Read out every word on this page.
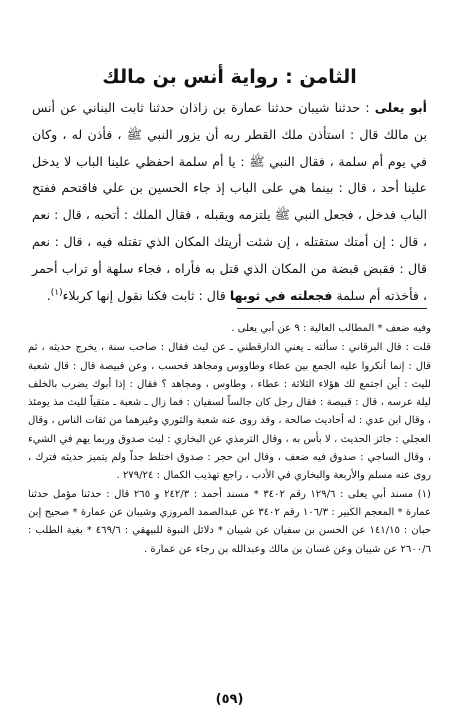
الثامن : رواية أنس بن مالك

أبو يعلى : حدثنا شيبان حدثنا عمارة بن زاذان حدثنا ثابت البناني عن أنس بن مالك قال : استأذن ملك القطر ربه أن يزور النبي ﷺ ، فأذن له ، وكان في يوم أم سلمة ، فقال النبي ﷺ : يا أم سلمة احفظي علينا الباب لا يدخل علينا أحد ، قال : بينما هي على الباب إذ جاء الحسين بن علي فاقتحم ففتح الباب فدخل ، فجعل النبي ﷺ يلتزمه ويقبله ، فقال الملك : أتحبه ، قال : نعم ، قال : إن أمتك ستقتله ، إن شئت أريتك المكان الذي تقتله فيه ، قال : نعم قال : فقبض قبضة من المكان الذي قتل به فأراه ، فجاء سلهة أو تراب أحمر ، فأخذته أم سلمة فجعلته في ثوبها قال : ثابت فكنا نقول إنها كربلاء$^{(١)}$.

وفيه ضعف * المطالب العالية : ٩ عن أبي يعلى .

قلت : قال البرقاني : سألته ـ يعني الدارقطني ـ عن ليث فقال : صاحب سنة ، يخرج حديثه ، ثم قال : إنما أنكروا عليه الجمع بين عطاء وطاووس ومجاهد فحسب ، وعن قبيصة قال : قال شعبة لليث : أين اجتمع لك هؤلاء الثلاثة : عطاء ، وطاوس ، ومجاهد ؟ فقال : إذا أبوك يضرب بالخلف ليلة عرسه ، قال : قبيصة : فقال رجل كان جالساً لسفيان : فما زال ـ شعبة ـ متقياً لليث مذ يومئذ ، وقال ابن عدي : له أحاديث صالحة ، وقد روى عنه شعبة والثوري وغيرهما من ثقات الناس ، وقال العجلي : جائز الحديث ، لا بأس به ، وقال الترمذي عن البخاري : ليث صدوق وربما يهم في الشيء ، وقال الساجي : صدوق فيه ضعف ، وقال ابن حجر : صدوق اختلط جداً ولم يتميز حديثه فترك ، روى عنه مسلم والأربعة والبخاري في الأدب ، راجع تهذيب الكمال : ٢٧٩/٢٤ .

(١) مسند أبي يعلى : ١٢٩/٦ رقم ٣٤٠٢ * مسند أحمد : ٢٤٢/٣ و ٢٦٥ قال : حدثنا مؤمل حدثنا عمارة * المعجم الكبير : ١٠٦/٣ رقم ٣٤٠٢ عن عبدالصمد المروزي وشيبان عن عمارة * صحيح إبن حبان : ١٤١/١٥ عن الحسن بن سفيان عن شيبان * دلائل النبوة للبيهقي : ٤٦٩/٦ * بغية الطلب : ٢٦٠٠/٦ عن شيبان وعن غسان بن مالك وعبدالله بن رجاء عن عمارة .

(٥٩)
